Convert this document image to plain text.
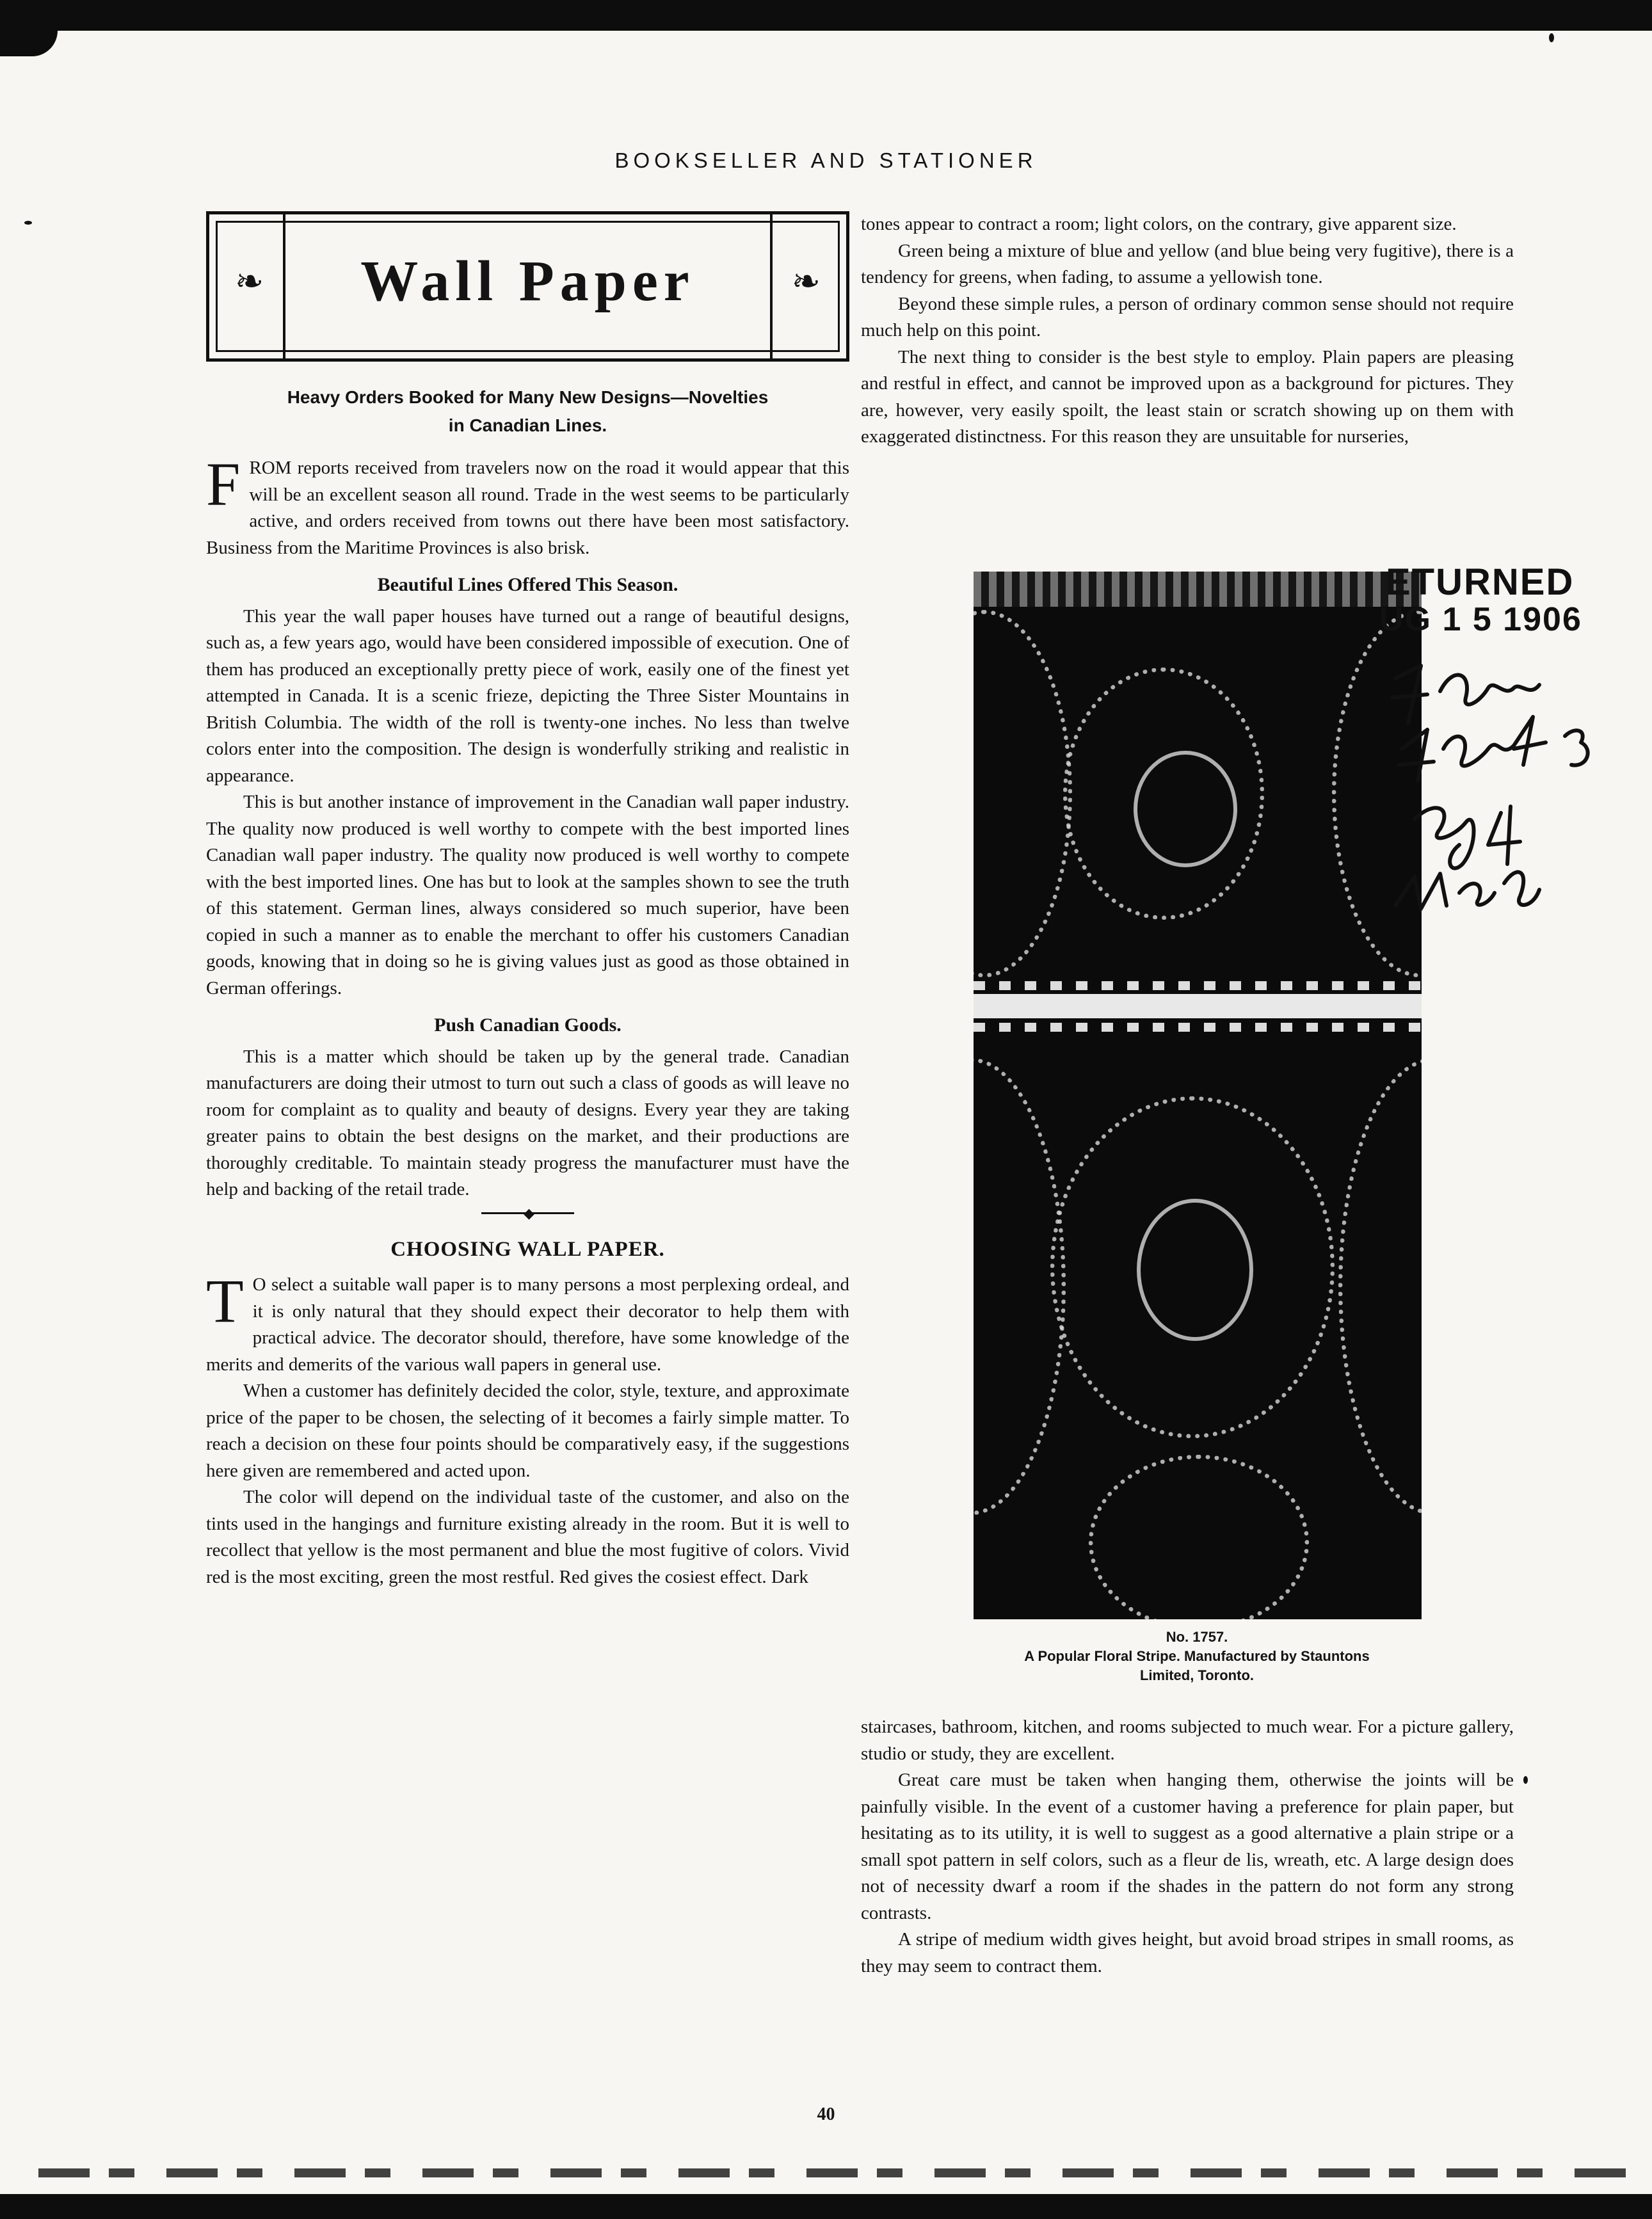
BOOKSELLER AND STATIONER
❧	❧
Wall Paper
Heavy Orders Booked for Many New Designs—Novelties
in Canadian Lines.

FROM reports received from travelers now on the road it would appear that this will be an excellent season all round. Trade in the west seems to be particularly active, and orders received from towns out there have been most satisfactory. Business from the Maritime Provinces is also brisk.

Beautiful Lines Offered This Season.

This year the wall paper houses have turned out a range of beautiful designs, such as, a few years ago, would have been considered impossible of execution. One of them has produced an exceptionally pretty piece of work, easily one of the finest yet attempted in Canada. It is a scenic frieze, depicting the Three Sister Mountains in British Columbia. The width of the roll is twenty-one inches. No less than twelve colors enter into the composition. The design is wonderfully striking and realistic in appearance.

This is but another instance of improvement in the Canadian wall paper industry. The quality now produced is well worthy to compete with the best imported lines Canadian wall paper industry. The quality now produced is well worthy to compete with the best imported lines. One has but to look at the samples shown to see the truth of this statement. German lines, always considered so much superior, have been copied in such a manner as to enable the merchant to offer his customers Canadian goods, knowing that in doing so he is giving values just as good as those obtained in German offerings.

Push Canadian Goods.

This is a matter which should be taken up by the general trade. Canadian manufacturers are doing their utmost to turn out such a class of goods as will leave no room for complaint as to quality and beauty of designs. Every year they are taking greater pains to obtain the best designs on the market, and their productions are thoroughly creditable. To maintain steady progress the manufacturer must have the help and backing of the retail trade.

◆
CHOOSING WALL PAPER.

T O select a suitable wall paper is to many persons a most perplexing ordeal, and it is only natural that they should expect their decorator to help them with practical advice. The decorator should, therefore, have some knowledge of the merits and demerits of the various wall papers in general use.

When a customer has definitely decided the color, style, texture, and approximate price of the paper to be chosen, the selecting of it becomes a fairly simple matter. To reach a decision on these four points should be comparatively easy, if the suggestions here given are remembered and acted upon.

The color will depend on the individual taste of the customer, and also on the tints used in the hangings and furniture existing already in the room. But it is well to recollect that yellow is the most permanent and blue the most fugitive of colors. Vivid red is the most exciting, green the most restful. Red gives the cosiest effect. Dark

tones appear to contract a room; light colors, on the contrary, give apparent size.

Green being a mixture of blue and yellow (and blue being very fugitive), there is a tendency for greens, when fading, to assume a yellowish tone.

Beyond these simple rules, a person of ordinary common sense should not require much help on this point.

The next thing to consider is the best style to employ. Plain papers are pleasing and restful in effect, and cannot be improved upon as a background for pictures. They are, however, very easily spoilt, the least stain or scratch showing up on them with exaggerated distinctness. For this reason they are unsuitable for nurseries,

No. 1757.
A Popular Floral Stripe. Manufactured by Stauntons
Limited, Toronto.
ETURNED
UG 1 5 1906

staircases, bathroom, kitchen, and rooms subjected to much wear. For a picture gallery, studio or study, they are excellent.

Great care must be taken when hanging them, otherwise the joints will be painfully visible. In the event of a customer having a preference for plain paper, but hesitating as to its utility, it is well to suggest as a good alternative a plain stripe or a small spot pattern in self colors, such as a fleur de lis, wreath, etc. A large design does not of necessity dwarf a room if the shades in the pattern do not form any strong contrasts.

A stripe of medium width gives height, but avoid broad stripes in small rooms, as they may seem to contract them.

40
